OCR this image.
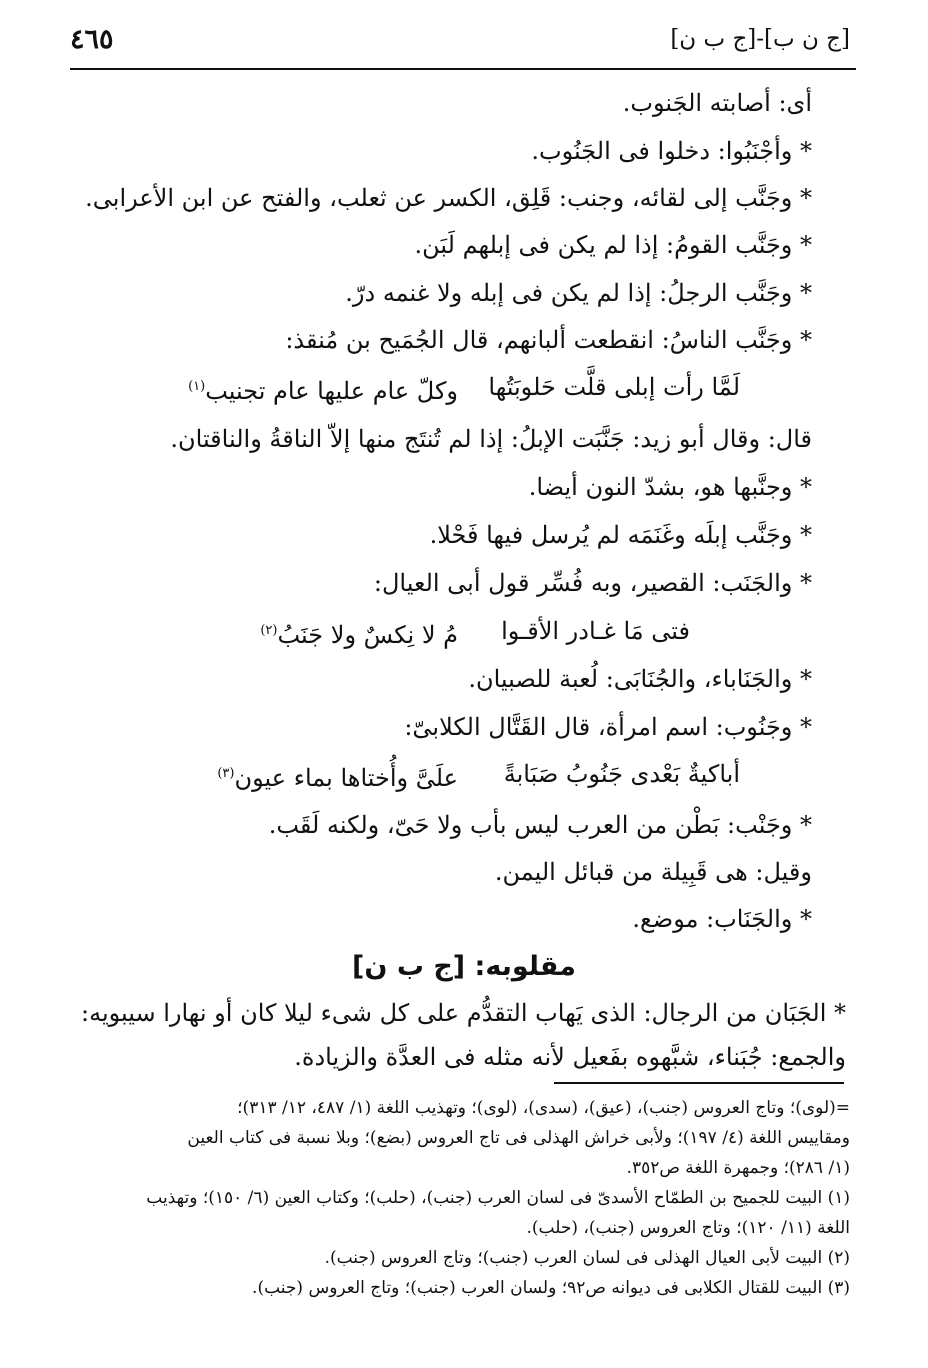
[ج ن ب]-[ج ب ن]
٤٦٥
أى: أصابته الجَنوب.
* وأجْنَبُوا: دخلوا فى الجَنُوب.
* وجَنَّب إلى لقائه، وجنب: قَلِق، الكسر عن ثعلب، والفتح عن ابن الأعرابى.
* وجَنَّب القومُ: إذا لم يكن فى إبلهم لَبَن.
* وجَنَّب الرجلُ: إذا لم يكن فى إبله ولا غنمه درّ.
* وجَنَّب الناسُ: انقطعت ألبانهم، قال الجُمَيح بن مُنقذ:
لَمَّا رأت إبلى قلَّت حَلوبَتُها
وكلّ عام عليها عام تجنيب$^{(١)}$
قال: وقال أبو زيد: جَنَّبَت الإبلُ: إذا لم تُنتَج منها إلاّ الناقةُ والناقتان.
* وجنَّبها هو، بشدّ النون أيضا.
* وجَنَّب إبلَه وغَنَمَه لم يُرسل فيها فَحْلا.
* والجَنَب: القصير، وبه فُسِّر قول أبى العيال:
فتى مَا غـادر الأقـوا
مُ لا نِكسٌ ولا جَنَبُ$^{(٢)}$
* والجَنَاباء، والجُنَابَى: لُعبة للصبيان.
* وجَنُوب: اسم امرأة، قال القَتَّال الكلابىّ:
أباكيةٌ بَعْدى جَنُوبُ صَبَابةً
علَىَّ وأُختاها بماء عيون$^{(٣)}$
* وجَنْب: بَطْن من العرب ليس بأب ولا حَىّ، ولكنه لَقَب.
وقيل: هى قَبِيلة من قبائل اليمن.
* والجَنَاب: موضع.
مقلوبه: [ج ب ن]
* الجَبَان من الرجال: الذى يَهاب التقدُّم على كل شىء ليلا كان أو نهارا سيبويه:
والجمع: جُبَناء، شبَّهوه بفَعيل لأنه مثله فى العدَّة والزيادة.
=(لوى)؛ وتاج العروس (جنب)، (عيق)، (سدى)، (لوى)؛ وتهذيب اللغة (١/ ٤٨٧، ١٢/ ٣١٣)؛
ومقاييس اللغة (٤/ ١٩٧)؛ ولأبى خراش الهذلى فى تاج العروس (بضع)؛ وبلا نسبة فى كتاب العين
(١/ ٢٨٦)؛ وجمهرة اللغة ص٣٥٢.
(١) البيت للجميح بن الطمّاح الأسدىّ فى لسان العرب (جنب)، (حلب)؛ وكتاب العين (٦/ ١٥٠)؛ وتهذيب
اللغة (١١/ ١٢٠)؛ وتاج العروس (جنب)، (حلب).
(٢) البيت لأبى العيال الهذلى فى لسان العرب (جنب)؛ وتاج العروس (جنب).
(٣) البيت للقتال الكلابى فى ديوانه ص٩٢؛ ولسان العرب (جنب)؛ وتاج العروس (جنب).
